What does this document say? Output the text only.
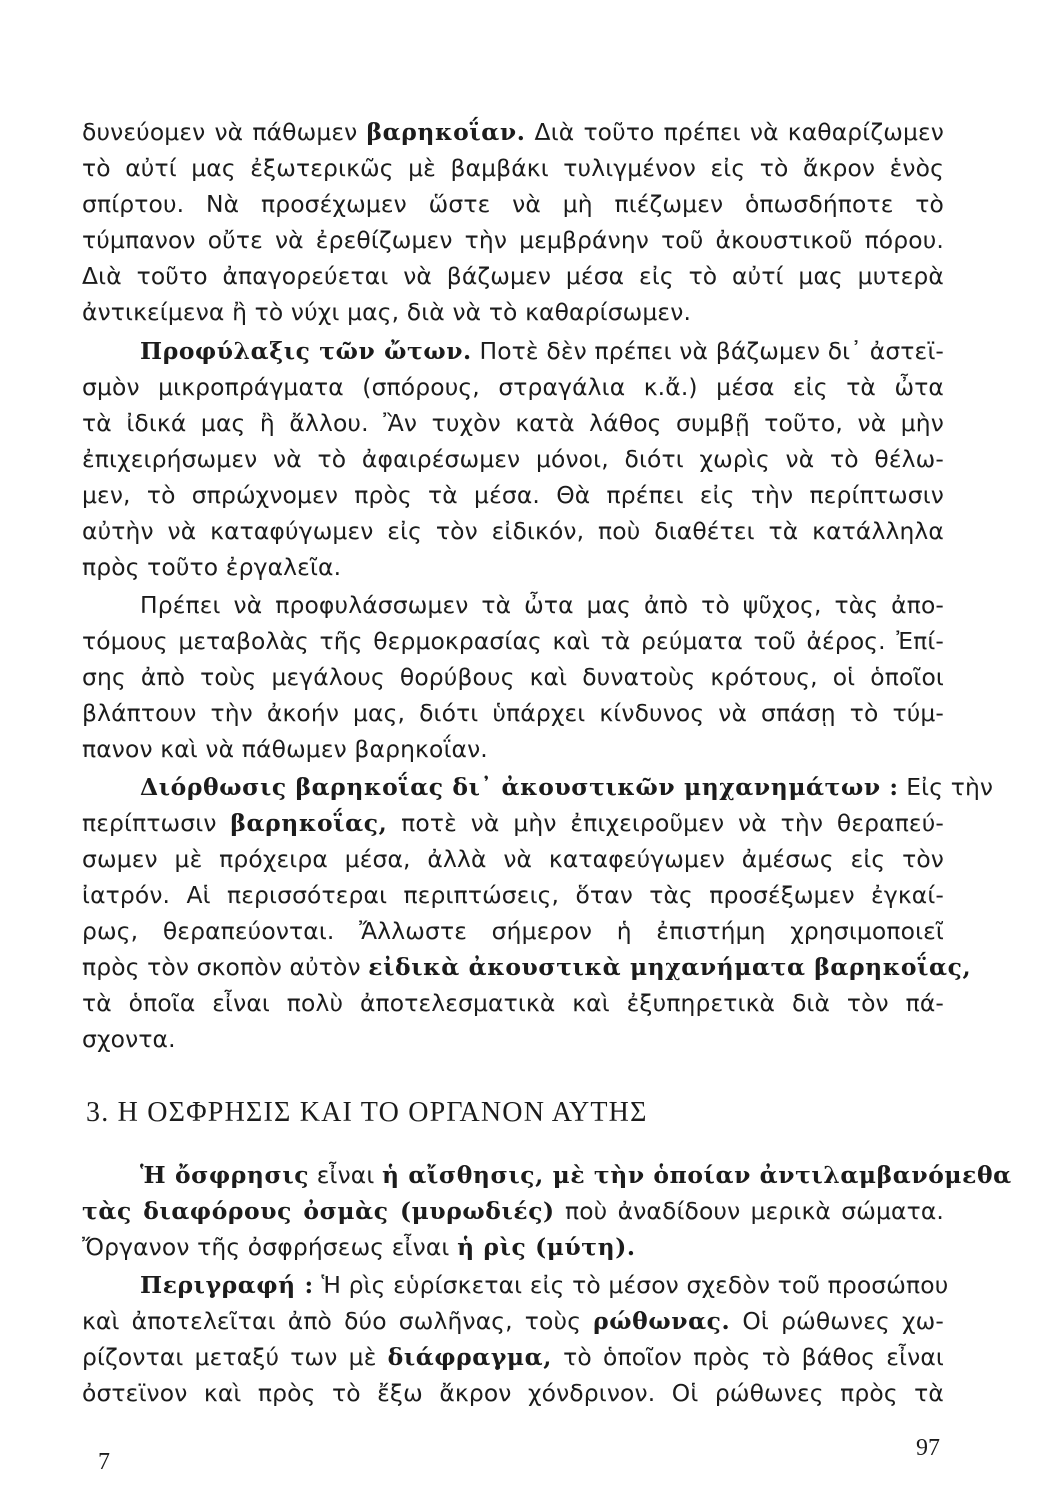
δυνεύομεν νὰ πάθωμεν βαρηκοΐαν. Διὰ τοῦτο πρέπει νὰ καθαρίζωμεν
τὸ αὐτί μας ἐξωτερικῶς μὲ βαμβάκι τυλιγμένον εἰς τὸ ἄκρον ἑνὸς
σπίρτου. Νὰ προσέχωμεν ὥστε νὰ μὴ πιέζωμεν ὁπωσδήποτε τὸ
τύμπανον οὔτε νὰ ἐρεθίζωμεν τὴν μεμβράνην τοῦ ἀκουστικοῦ πόρου.
Διὰ τοῦτο ἀπαγορεύεται νὰ βάζωμεν μέσα εἰς τὸ αὐτί μας μυτερὰ
ἀντικείμενα ἢ τὸ νύχι μας, διὰ νὰ τὸ καθαρίσωμεν.
Προφύλαξις τῶν ὤτων. Ποτὲ δὲν πρέπει νὰ βάζωμεν δι᾽ ἀστεϊ-
σμὸν μικροπράγματα (σπόρους, στραγάλια κ.ἄ.) μέσα εἰς τὰ ὦτα
τὰ ἰδικά μας ἢ ἄλλου. Ἂν τυχὸν κατὰ λάθος συμβῇ τοῦτο, νὰ μὴν
ἐπιχειρήσωμεν νὰ τὸ ἀφαιρέσωμεν μόνοι, διότι χωρὶς νὰ τὸ θέλω-
μεν, τὸ σπρώχνομεν πρὸς τὰ μέσα. Θὰ πρέπει εἰς τὴν περίπτωσιν
αὐτὴν νὰ καταφύγωμεν εἰς τὸν εἰδικόν, ποὺ διαθέτει τὰ κατάλληλα
πρὸς τοῦτο ἐργαλεῖα.
Πρέπει νὰ προφυλάσσωμεν τὰ ὦτα μας ἀπὸ τὸ ψῦχος, τὰς ἀπο-
τόμους μεταβολὰς τῆς θερμοκρασίας καὶ τὰ ρεύματα τοῦ ἀέρος. Ἐπί-
σης ἀπὸ τοὺς μεγάλους θορύβους καὶ δυνατοὺς κρότους, οἱ ὁποῖοι
βλάπτουν τὴν ἀκοήν μας, διότι ὑπάρχει κίνδυνος νὰ σπάσῃ τὸ τύμ-
πανον καὶ νὰ πάθωμεν βαρηκοΐαν.
Διόρθωσις βαρηκοΐας δι᾽ ἀκουστικῶν μηχανημάτων : Εἰς τὴν
περίπτωσιν βαρηκοΐας, ποτὲ νὰ μὴν ἐπιχειροῦμεν νὰ τὴν θεραπεύ-
σωμεν μὲ πρόχειρα μέσα, ἀλλὰ νὰ καταφεύγωμεν ἀμέσως εἰς τὸν
ἰατρόν. Αἱ περισσότεραι περιπτώσεις, ὅταν τὰς προσέξωμεν ἐγκαί-
ρως, θεραπεύονται. Ἄλλωστε σήμερον ἡ ἐπιστήμη χρησιμοποιεῖ
πρὸς τὸν σκοπὸν αὐτὸν εἰδικὰ ἀκουστικὰ μηχανήματα βαρηκοΐας,
τὰ ὁποῖα εἶναι πολὺ ἀποτελεσματικὰ καὶ ἐξυπηρετικὰ διὰ τὸν πά-
σχοντα.
3. Η ΟΣΦΡΗΣΙΣ ΚΑΙ ΤΟ ΟΡΓΑΝΟΝ ΑΥΤΗΣ
Ἡ ὄσφρησις εἶναι ἡ αἴσθησις, μὲ τὴν ὁποίαν ἀντιλαμβανόμεθα
τὰς διαφόρους ὀσμὰς (μυρωδιές) ποὺ ἀναδίδουν μερικὰ σώματα.
Ὄργανον τῆς ὀσφρήσεως εἶναι ἡ ρὶς (μύτη).
Περιγραφή : Ἡ ρὶς εὑρίσκεται εἰς τὸ μέσον σχεδὸν τοῦ προσώπου
καὶ ἀποτελεῖται ἀπὸ δύο σωλῆνας, τοὺς ρώθωνας. Οἱ ρώθωνες χω-
ρίζονται μεταξύ των μὲ διάφραγμα, τὸ ὁποῖον πρὸς τὸ βάθος εἶναι
ὀστεϊνον καὶ πρὸς τὸ ἔξω ἄκρον χόνδρινον. Οἱ ρώθωνες πρὸς τὰ
7
97
